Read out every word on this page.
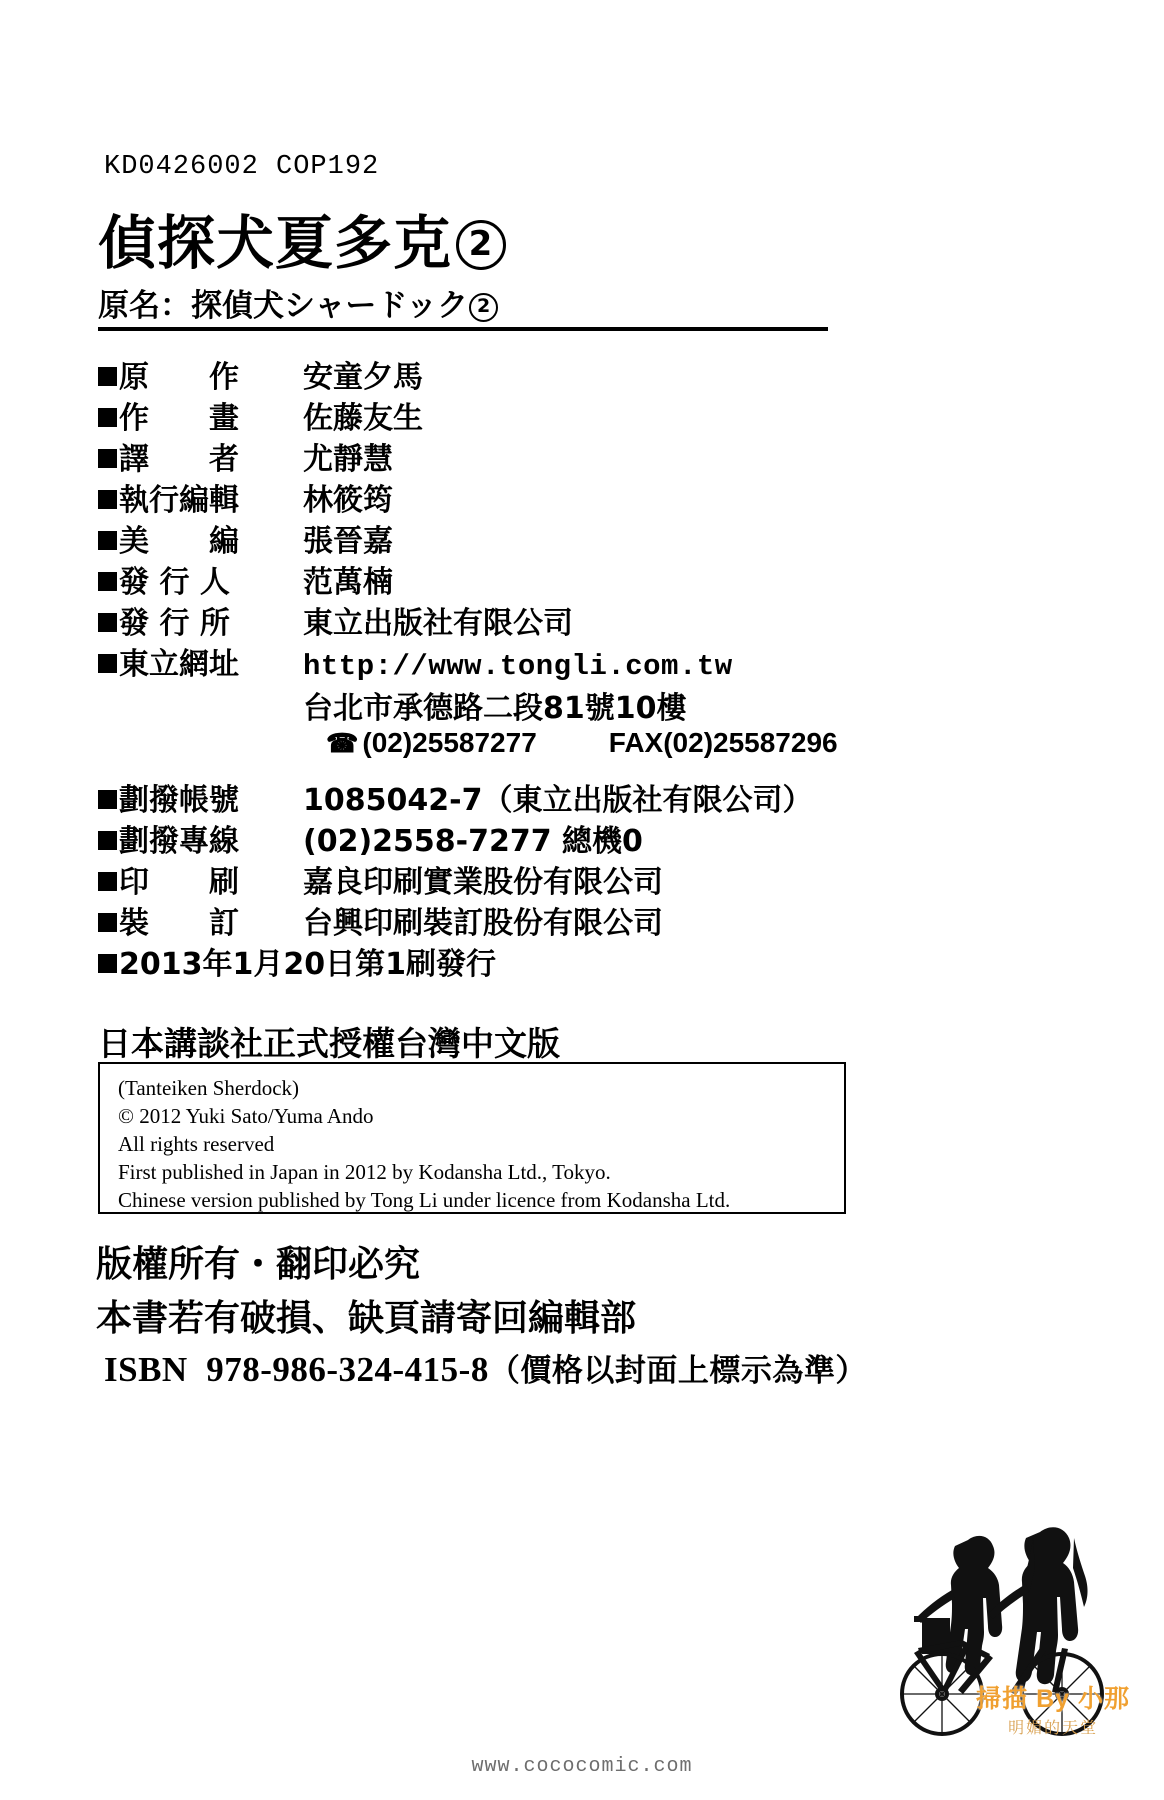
KD0426002 COP192
偵探犬夏多克 2
原名：探偵犬シャードック 2
原　　作	安童夕馬
作　　畫	佐藤友生
譯　　者	尤靜慧
執行編輯 林筱筠
美　　編	張晉嘉
發 行 人	范萬楠
發 行 所	東立出版社有限公司
東立網址 http://www.tongli.com.tw
台北市承德路二段81號10樓
☎ (02)25587277	FAX(02)25587296
劃撥帳號 1085042-7（東立出版社有限公司）
劃撥專線 (02)2558-7277 總機0
印　　刷	嘉良印刷實業股份有限公司
裝　　訂	台興印刷裝訂股份有限公司
2013年1月20日第1刷發行
日本講談社正式授權台灣中文版
(Tanteiken Sherdock)
© 2012 Yuki Sato/Yuma Ando
All rights reserved
First published in Japan in 2012 by Kodansha Ltd., Tokyo.
Chinese version published by Tong Li under licence from Kodansha Ltd.
版權所有・翻印必究
本書若有破損、缺頁請寄回編輯部
ISBN 978-986-324-415-8（價格以封面上標示為準）
掃描 By 小那
明媚的天堂
www.cococomic.com
